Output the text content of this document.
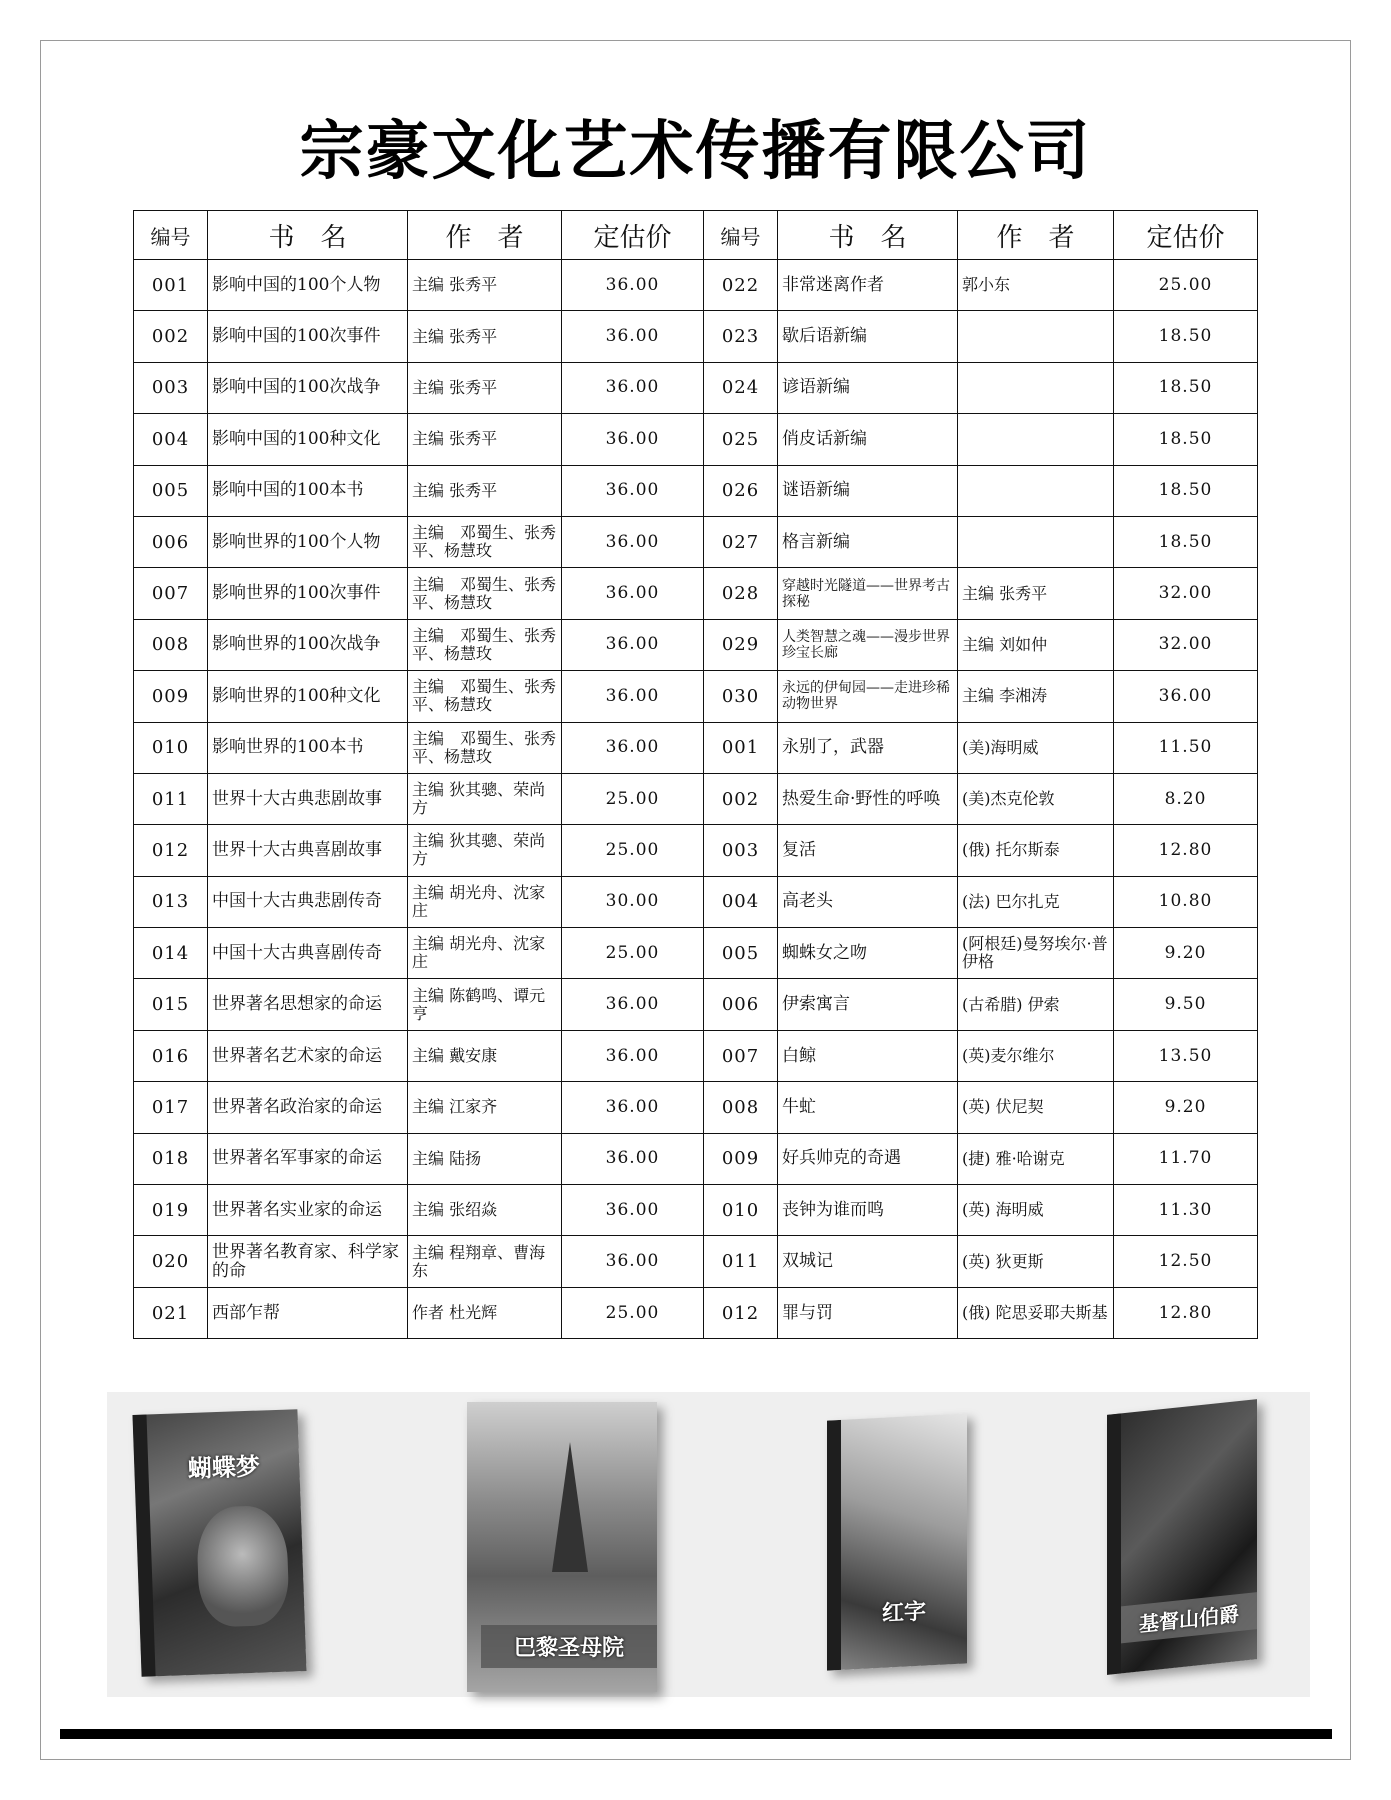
宗豪文化艺术传播有限公司
编号	书　名	作　者	定估价
001	影响中国的100个人物	主编 张秀平	36.00
002	影响中国的100次事件	主编 张秀平	36.00
003	影响中国的100次战争	主编 张秀平	36.00
004	影响中国的100种文化	主编 张秀平	36.00
005	影响中国的100本书	主编 张秀平	36.00
006	影响世界的100个人物	主编　邓蜀生、张秀平、杨慧玫	36.00
007	影响世界的100次事件	主编　邓蜀生、张秀平、杨慧玫	36.00
008	影响世界的100次战争	主编　邓蜀生、张秀平、杨慧玫	36.00
009	影响世界的100种文化	主编　邓蜀生、张秀平、杨慧玫	36.00
010	影响世界的100本书	主编　邓蜀生、张秀平、杨慧玫	36.00
011	世界十大古典悲剧故事	主编 狄其骢、荣尚方	25.00
012	世界十大古典喜剧故事	主编 狄其骢、荣尚方	25.00
013	中国十大古典悲剧传奇	主编 胡光舟、沈家庄	30.00
014	中国十大古典喜剧传奇	主编 胡光舟、沈家庄	25.00
015	世界著名思想家的命运	主编 陈鹤鸣、谭元亨	36.00
016	世界著名艺术家的命运	主编 戴安康	36.00
017	世界著名政治家的命运	主编 江家齐	36.00
018	世界著名军事家的命运	主编 陆扬	36.00
019	世界著名实业家的命运	主编 张绍焱	36.00
020	世界著名教育家、科学家的命	主编 程翔章、曹海东	36.00
021	西部乍帮	作者 杜光辉	25.00
编号	书　名	作　者	定估价
022	非常迷离作者	郭小东	25.00
023	歇后语新编		18.50
024	谚语新编		18.50
025	俏皮话新编		18.50
026	谜语新编		18.50
027	格言新编		18.50
028	穿越时光隧道——世界考古探秘	主编 张秀平	32.00
029	人类智慧之魂——漫步世界珍宝长廊	主编 刘如仲	32.00
030	永远的伊甸园——走进珍稀动物世界	主编 李湘涛	36.00
001	永别了，武器	(美)海明威	11.50
002	热爱生命·野性的呼唤	(美)杰克伦敦	8.20
003	复活	(俄) 托尔斯泰	12.80
004	高老头	(法) 巴尔扎克	10.80
005	蜘蛛女之吻	(阿根廷)曼努埃尔·普伊格	9.20
006	伊索寓言	(古希腊) 伊索	9.50
007	白鲸	(英)麦尔维尔	13.50
008	牛虻	(英) 伏尼契	9.20
009	好兵帅克的奇遇	(捷) 雅·哈谢克	11.70
010	丧钟为谁而鸣	(英) 海明威	11.30
011	双城记	(英) 狄更斯	12.50
012	罪与罚	(俄) 陀思妥耶夫斯基	12.80
蝴蝶梦
巴黎圣母院
红字	基督山伯爵
